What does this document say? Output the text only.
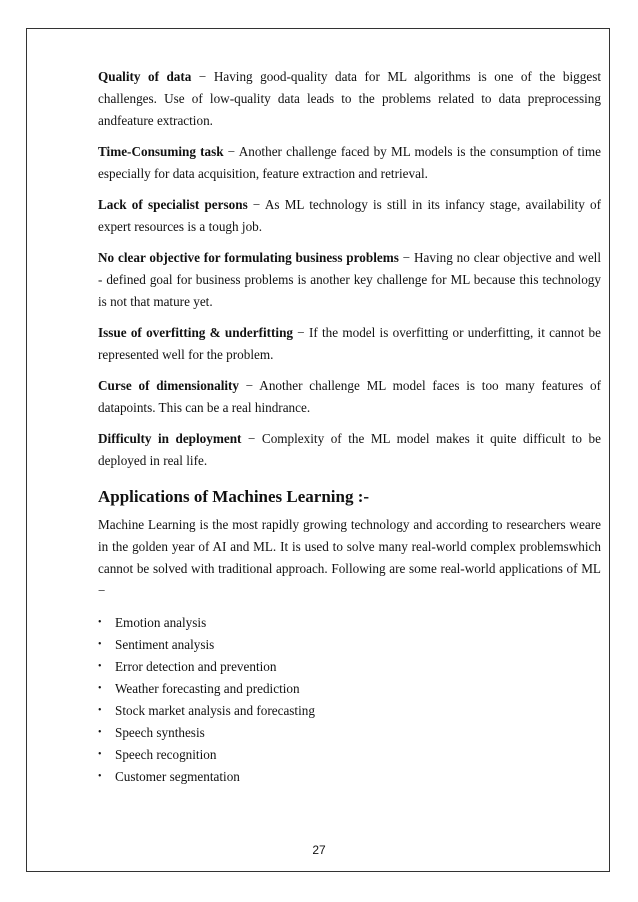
Quality of data − Having good-quality data for ML algorithms is one of the biggest challenges. Use of low-quality data leads to the problems related to data preprocessing andfeature extraction.

Time-Consuming task − Another challenge faced by ML models is the consumption of time especially for data acquisition, feature extraction and retrieval.

Lack of specialist persons − As ML technology is still in its infancy stage, availability of expert resources is a tough job.

No clear objective for formulating business problems − Having no clear objective and well - defined goal for business problems is another key challenge for ML because this technology is not that mature yet.

Issue of overfitting & underfitting − If the model is overfitting or underfitting, it cannot be represented well for the problem.

Curse of dimensionality − Another challenge ML model faces is too many features of datapoints. This can be a real hindrance.

Difficulty in deployment − Complexity of the ML model makes it quite difficult to be deployed in real life.

Applications of Machines Learning :-

Machine Learning is the most rapidly growing technology and according to researchers weare in the golden year of AI and ML. It is used to solve many real-world complex problemswhich cannot be solved with traditional approach. Following are some real-world applications of ML −

• Emotion analysis
• Sentiment analysis
• Error detection and prevention
• Weather forecasting and prediction
• Stock market analysis and forecasting
• Speech synthesis
• Speech recognition
• Customer segmentation
27
